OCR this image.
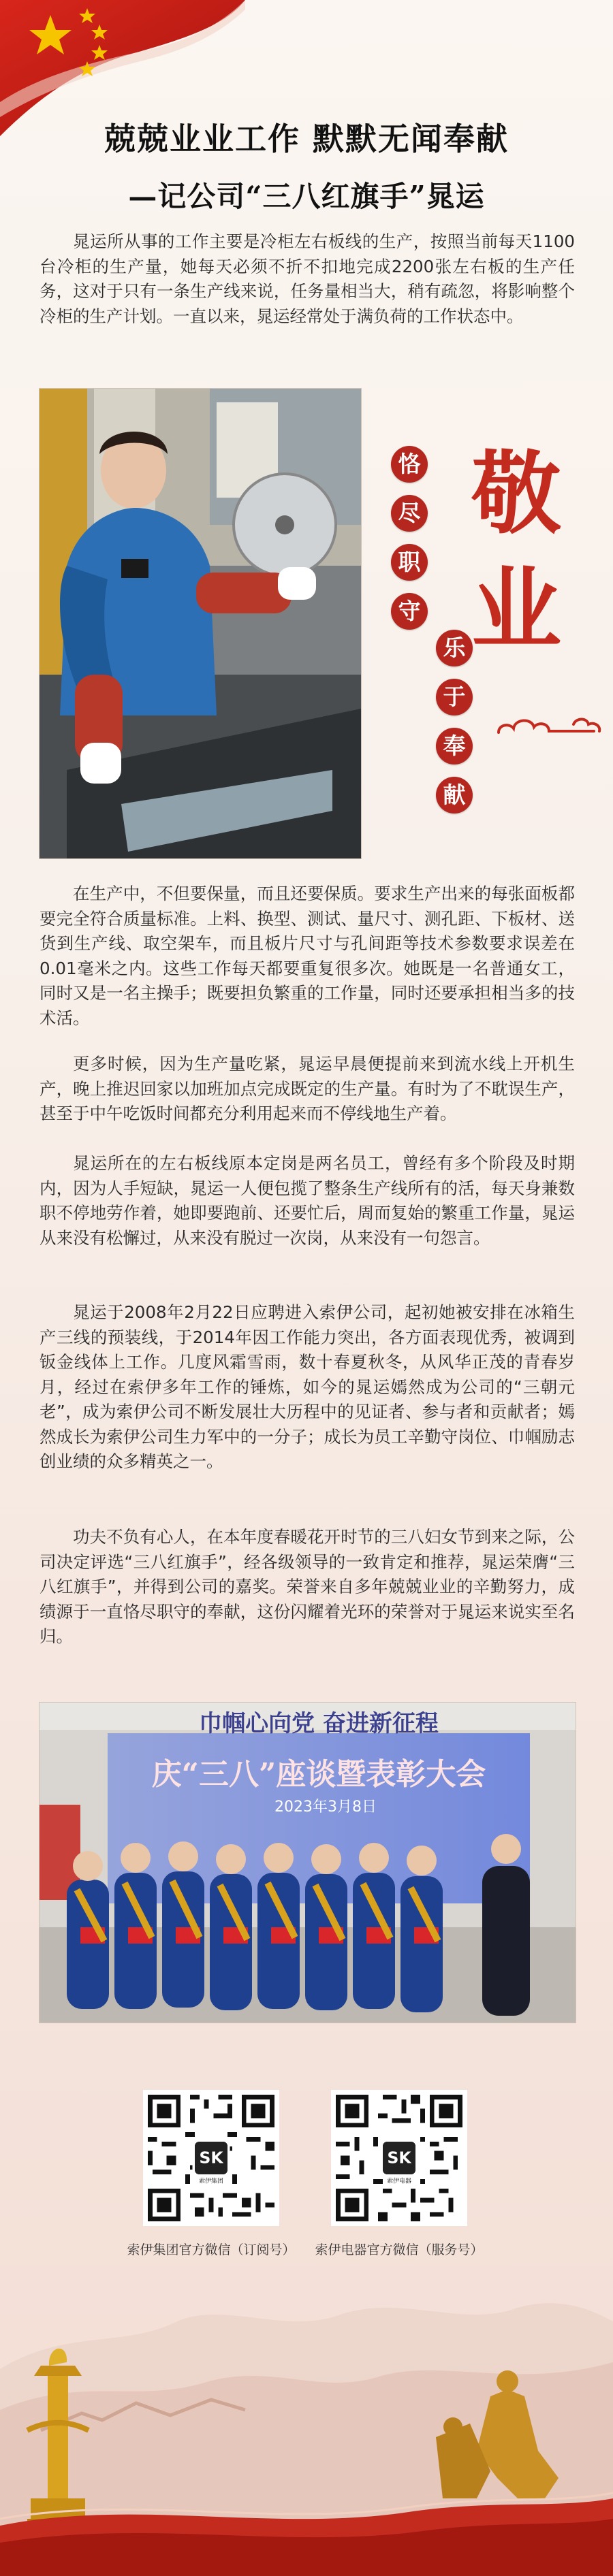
兢兢业业工作 默默无闻奉献
—记公司“三八红旗手”晁运
晁运所从事的工作主要是冷柜左右板线的生产，按照当前每天1100台冷柜的生产量，她每天必须不折不扣地完成2200张左右板的生产任务，这对于只有一条生产线来说，任务量相当大，稍有疏忽，将影响整个冷柜的生产计划。一直以来，晁运经常处于满负荷的工作状态中。
恪
尽
职
守
乐
于
奉
献
敬
业
在生产中，不但要保量，而且还要保质。要求生产出来的每张面板都要完全符合质量标准。上料、换型、测试、量尺寸、测孔距、下板材、送货到生产线、取空架车，而且板片尺寸与孔间距等技术参数要求误差在0.01毫米之内。这些工作每天都要重复很多次。她既是一名普通女工，同时又是一名主操手；既要担负繁重的工作量，同时还要承担相当多的技术活。
更多时候，因为生产量吃紧，晁运早晨便提前来到流水线上开机生产，晚上推迟回家以加班加点完成既定的生产量。有时为了不耽误生产，甚至于中午吃饭时间都充分利用起来而不停线地生产着。
晁运所在的左右板线原本定岗是两名员工，曾经有多个阶段及时期内，因为人手短缺，晁运一人便包揽了整条生产线所有的活，每天身兼数职不停地劳作着，她即要跑前、还要忙后，周而复始的繁重工作量，晁运从来没有松懈过，从来没有脱过一次岗，从来没有一句怨言。
晁运于2008年2月22日应聘进入索伊公司，起初她被安排在冰箱生产三线的预装线，于2014年因工作能力突出，各方面表现优秀，被调到钣金线体上工作。几度风霜雪雨，数十春夏秋冬，从风华正茂的青春岁月，经过在索伊多年工作的锤炼，如今的晁运嫣然成为公司的“三朝元老”，成为索伊公司不断发展壮大历程中的见证者、参与者和贡献者；嫣然成长为索伊公司生力军中的一分子；成长为员工辛勤守岗位、巾帼励志创业绩的众多精英之一。
功夫不负有心人，在本年度春暖花开时节的三八妇女节到来之际，公司决定评选“三八红旗手”，经各级领导的一致肯定和推荐，晁运荣膺“三八红旗手”，并得到公司的嘉奖。荣誉来自多年兢兢业业的辛勤努力，成绩源于一直恪尽职守的奉献，这份闪耀着光环的荣誉对于晁运来说实至名归。
巾帼心向党 奋进新征程
庆“三八”座谈暨表彰大会
2023年3月8日
SK
索伊集团
索伊集团官方微信（订阅号）
SK
索伊电器
索伊电器官方微信（服务号）
